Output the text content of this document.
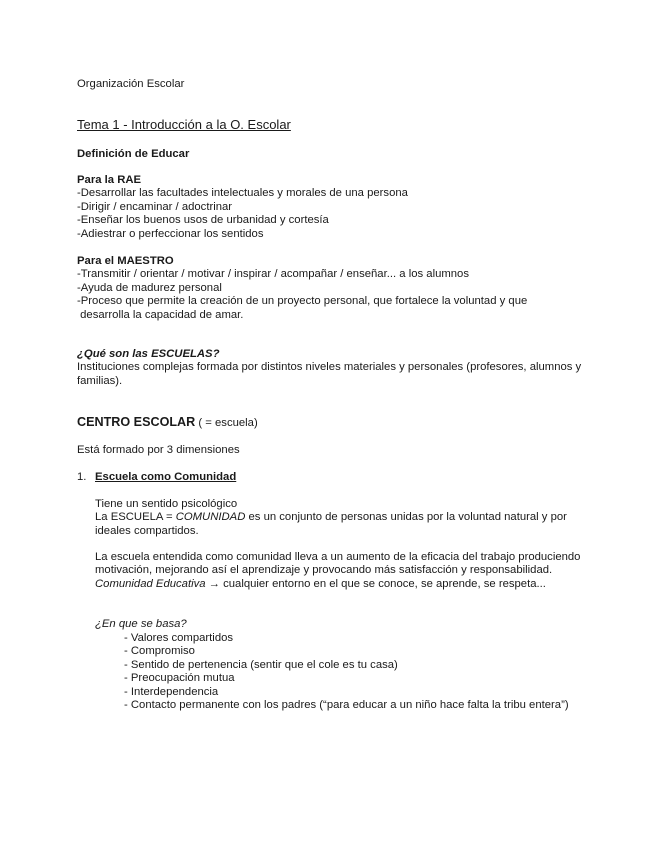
Organización Escolar
Tema 1 - Introducción a la O. Escolar
Definición de Educar
Para la RAE
-Desarrollar las facultades intelectuales y morales de una persona
-Dirigir / encaminar / adoctrinar
-Enseñar los buenos usos de urbanidad y cortesía
-Adiestrar o perfeccionar los sentidos
Para el MAESTRO
-Transmitir / orientar / motivar / inspirar / acompañar / enseñar... a los alumnos
-Ayuda de madurez personal
-Proceso que permite la creación de un proyecto personal, que fortalece la voluntad y que
desarrolla la capacidad de amar.
¿Qué son las ESCUELAS?
Instituciones complejas formada por distintos niveles materiales y personales (profesores, alumnos y familias).
CENTRO ESCOLAR ( = escuela)
Está formado por 3 dimensiones
1. Escuela como Comunidad
Tiene un sentido psicológico
La ESCUELA = COMUNIDAD es un conjunto de personas unidas por la voluntad natural y por ideales compartidos.
La escuela entendida como comunidad lleva a un aumento de la eficacia del trabajo produciendo motivación, mejorando así el aprendizaje y provocando más satisfacción y responsabilidad.
Comunidad Educativa → cualquier entorno en el que se conoce, se aprende, se respeta...
¿En que se basa?
- Valores compartidos
- Compromiso
- Sentido de pertenencia (sentir que el cole es tu casa)
- Preocupación mutua
- Interdependencia
- Contacto permanente con los padres (“para educar a un niño hace falta la tribu entera”)
